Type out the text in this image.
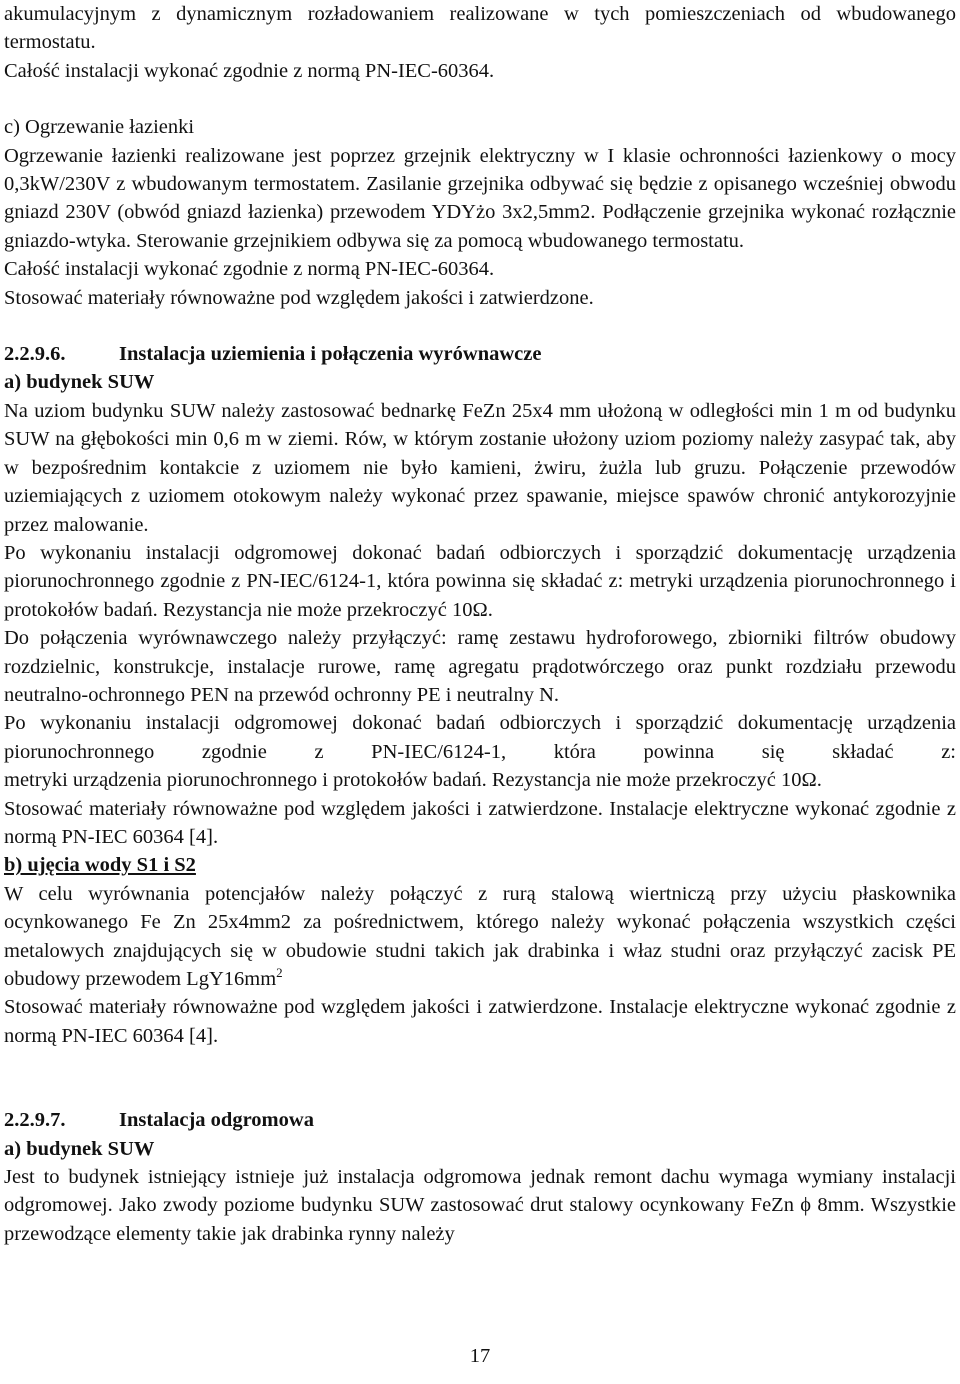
akumulacyjnym z dynamicznym rozładowaniem realizowane w tych pomieszczeniach od wbudowanego termostatu.

Całość instalacji wykonać zgodnie z normą PN-IEC-60364.

c) Ogrzewanie łazienki

Ogrzewanie łazienki realizowane jest poprzez grzejnik elektryczny w I klasie ochronności łazienkowy o mocy 0,3kW/230V z wbudowanym termostatem. Zasilanie grzejnika odbywać się będzie z opisanego wcześniej obwodu gniazd 230V (obwód gniazd łazienka) przewodem YDYżo 3x2,5mm2. Podłączenie grzejnika wykonać rozłącznie gniazdo-wtyka. Sterowanie grzejnikiem odbywa się za pomocą wbudowanego termostatu.

Całość instalacji wykonać zgodnie z normą PN-IEC-60364.

Stosować materiały równoważne pod względem jakości i zatwierdzone.

2.2.9.6.	Instalacja uziemienia i połączenia wyrównawcze

a) budynek SUW

Na uziom budynku SUW należy zastosować bednarkę FeZn 25x4 mm ułożoną w odległości min 1 m od budynku SUW na głębokości min 0,6 m w ziemi. Rów, w którym zostanie ułożony uziom poziomy należy zasypać tak, aby w bezpośrednim kontakcie z uziomem nie było kamieni, żwiru, żużla lub gruzu. Połączenie przewodów uziemiających z uziomem otokowym należy wykonać przez spawanie, miejsce spawów chronić antykorozyjnie przez malowanie.

Po wykonaniu instalacji odgromowej dokonać badań odbiorczych i sporządzić dokumentację urządzenia piorunochronnego zgodnie z PN-IEC/6124-1, która powinna się składać z: metryki urządzenia piorunochronnego i protokołów badań. Rezystancja nie może przekroczyć 10Ω.

Do połączenia wyrównawczego należy przyłączyć: ramę zestawu hydroforowego, zbiorniki filtrów obudowy rozdzielnic, konstrukcje, instalacje rurowe, ramę agregatu prądotwórczego oraz punkt rozdziału przewodu neutralno-ochronnego PEN na przewód ochronny PE i neutralny N.

Po wykonaniu instalacji odgromowej dokonać badań odbiorczych i sporządzić dokumentację urządzenia piorunochronnego zgodnie z PN-IEC/6124-1, która powinna się składać z:

metryki urządzenia piorunochronnego i protokołów badań. Rezystancja nie może przekroczyć 10Ω.

Stosować materiały równoważne pod względem jakości i zatwierdzone. Instalacje elektryczne wykonać zgodnie z normą PN-IEC 60364 [4].

b) ujęcia wody S1 i S2

W celu wyrównania potencjałów należy połączyć z rurą stalową wiertniczą przy użyciu płaskownika ocynkowanego Fe Zn 25x4mm2 za pośrednictwem, którego należy wykonać połączenia wszystkich części metalowych znajdujących się w obudowie studni takich jak drabinka i właz studni oraz przyłączyć zacisk PE obudowy przewodem $LgY16mm^2$

Stosować materiały równoważne pod względem jakości i zatwierdzone. Instalacje elektryczne wykonać zgodnie z normą PN-IEC 60364 [4].

2.2.9.7.	Instalacja odgromowa

a) budynek SUW

Jest to budynek istniejący istnieje już instalacja odgromowa jednak remont dachu wymaga wymiany instalacji odgromowej. Jako zwody poziome budynku SUW zastosować drut stalowy ocynkowany FeZn ϕ 8mm. Wszystkie przewodzące elementy takie jak drabinka rynny należy

17
